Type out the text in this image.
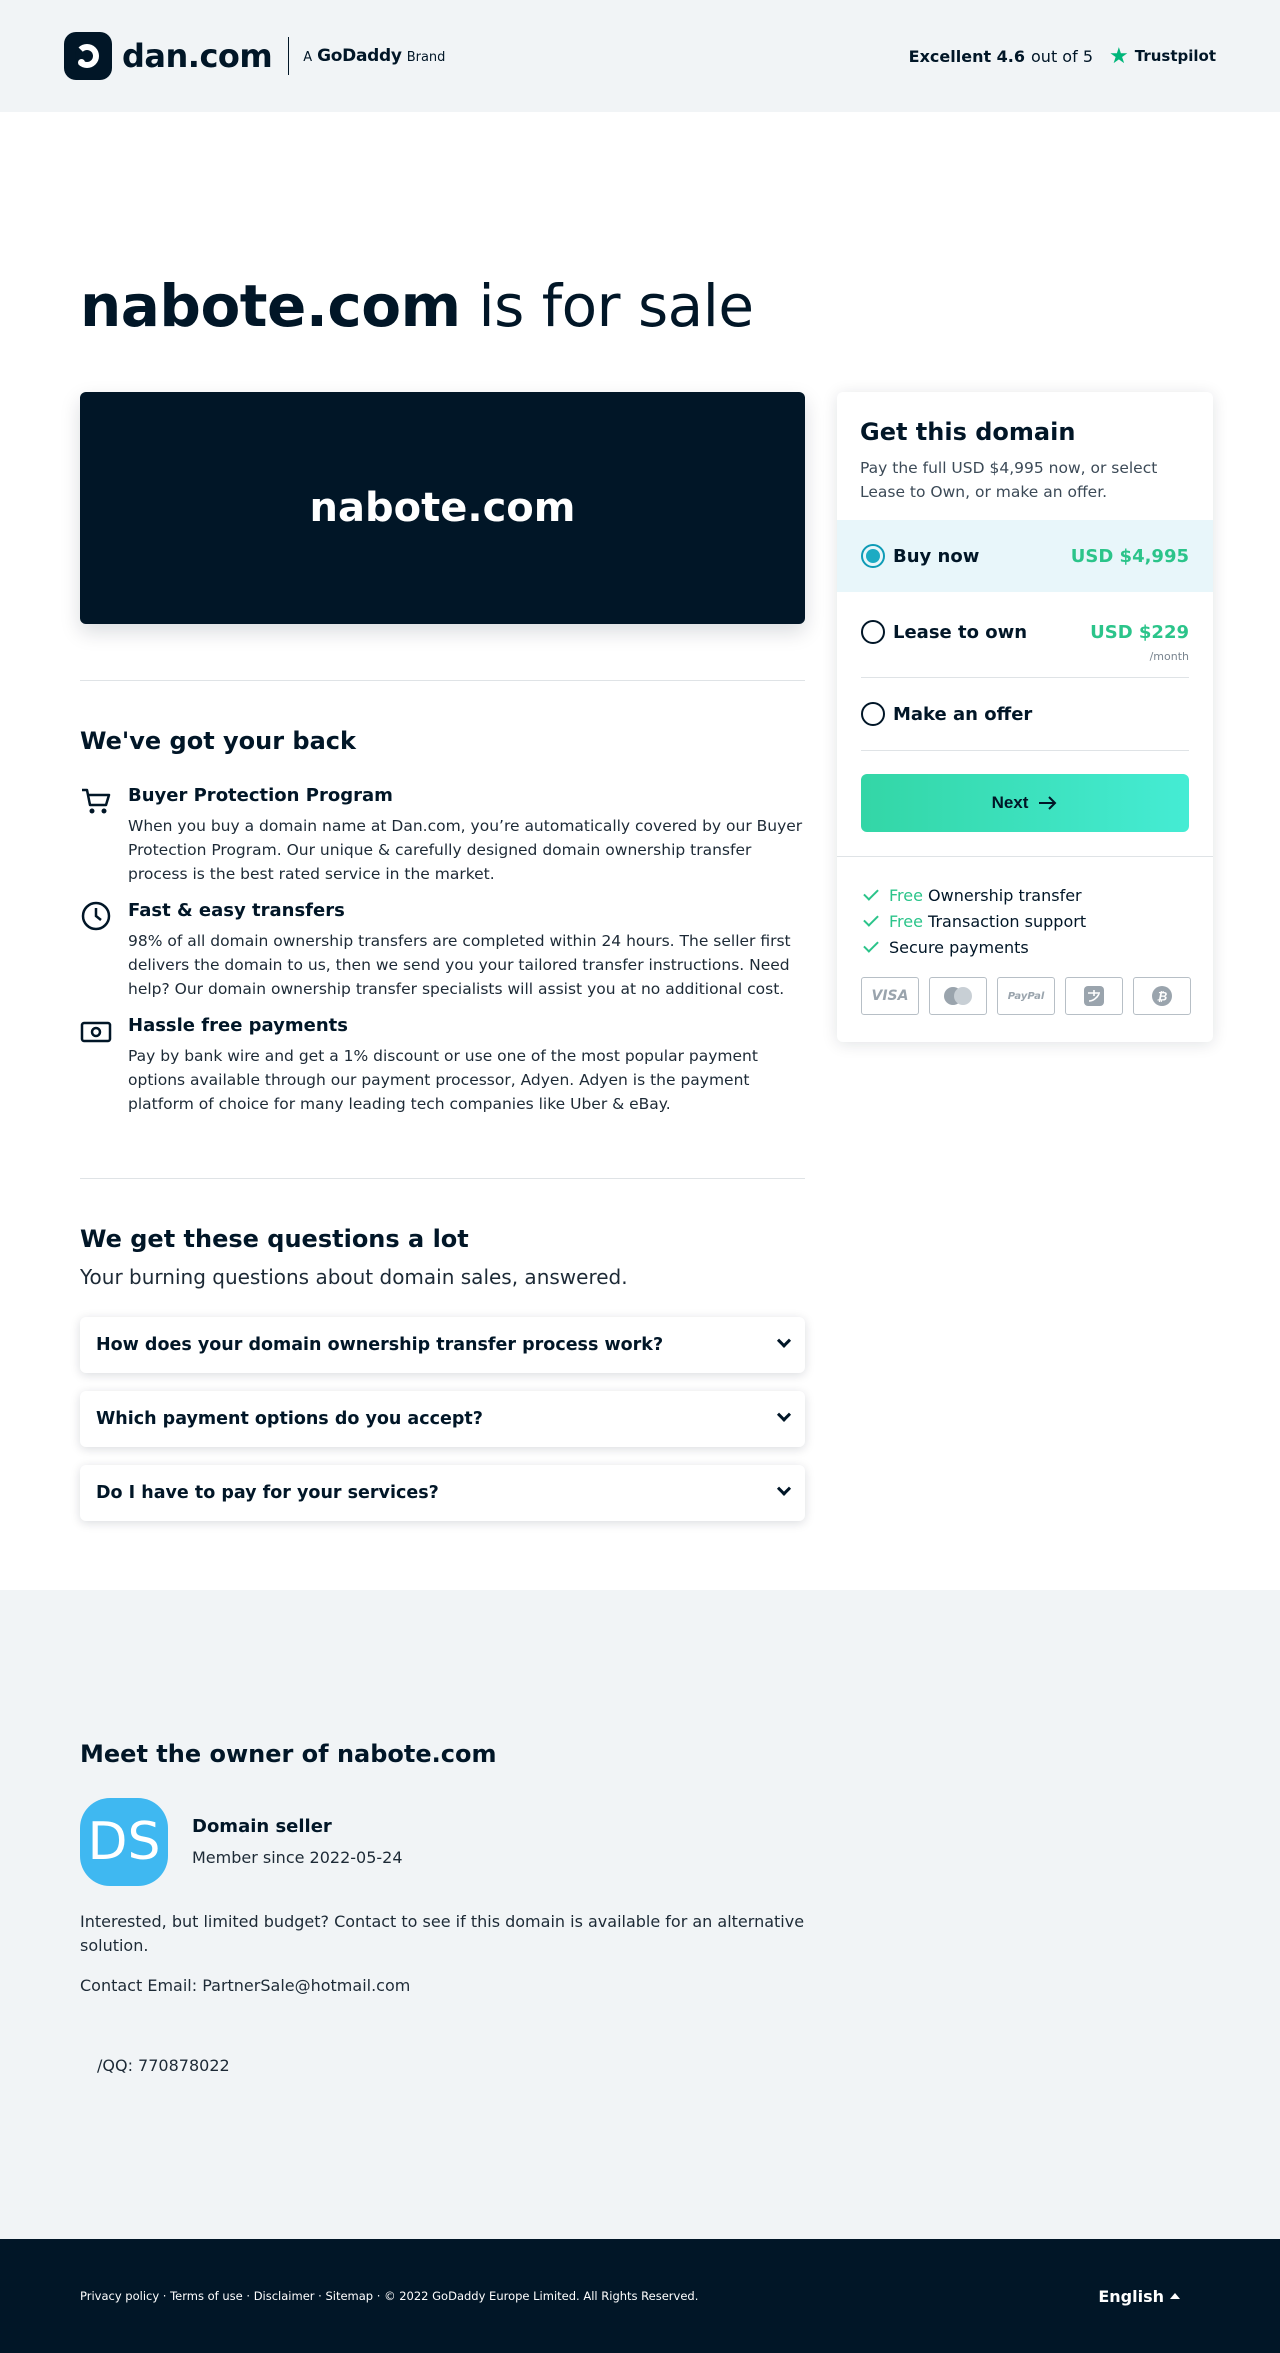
dan.com A GoDaddy Brand	Excellent 4.6 out of 5 ★ Trustpilot
nabote.com is for sale
nabote.com
We've got your back
Buyer Protection Program

When you buy a domain name at Dan.com, you’re automatically covered by our Buyer Protection Program. Our unique & carefully designed domain ownership transfer process is the best rated service in the market.

Fast & easy transfers

98% of all domain ownership transfers are completed within 24 hours. The seller first delivers the domain to us, then we send you your tailored transfer instructions. Need help? Our domain ownership transfer specialists will assist you at no additional cost.

Hassle free payments

Pay by bank wire and get a 1% discount or use one of the most popular payment options available through our payment processor, Adyen. Adyen is the payment platform of choice for many leading tech companies like Uber & eBay.

We get these questions a lot

Your burning questions about domain sales, answered.

How does your domain ownership transfer process work?
Which payment options do you accept?
Do I have to pay for your services?
Get this domain

Pay the full USD $4,995 now, or select Lease to Own, or make an offer.

Buy now	USD $4,995
Lease to own	USD $229
/month
Make an offer
Next
Free Ownership transfer
Free Transaction support
Secure payments
VISA	PayPal	₿
Meet the owner of nabote.com
DS	Domain seller
Member since 2022-05-24

Interested, but limited budget? Contact to see if this domain is available for an alternative solution.

Contact Email: PartnerSale@hotmail.com

/QQ: 770878022

Privacy policy · Terms of use · Disclaimer · Sitemap · © 2022 GoDaddy Europe Limited. All Rights Reserved.	English
